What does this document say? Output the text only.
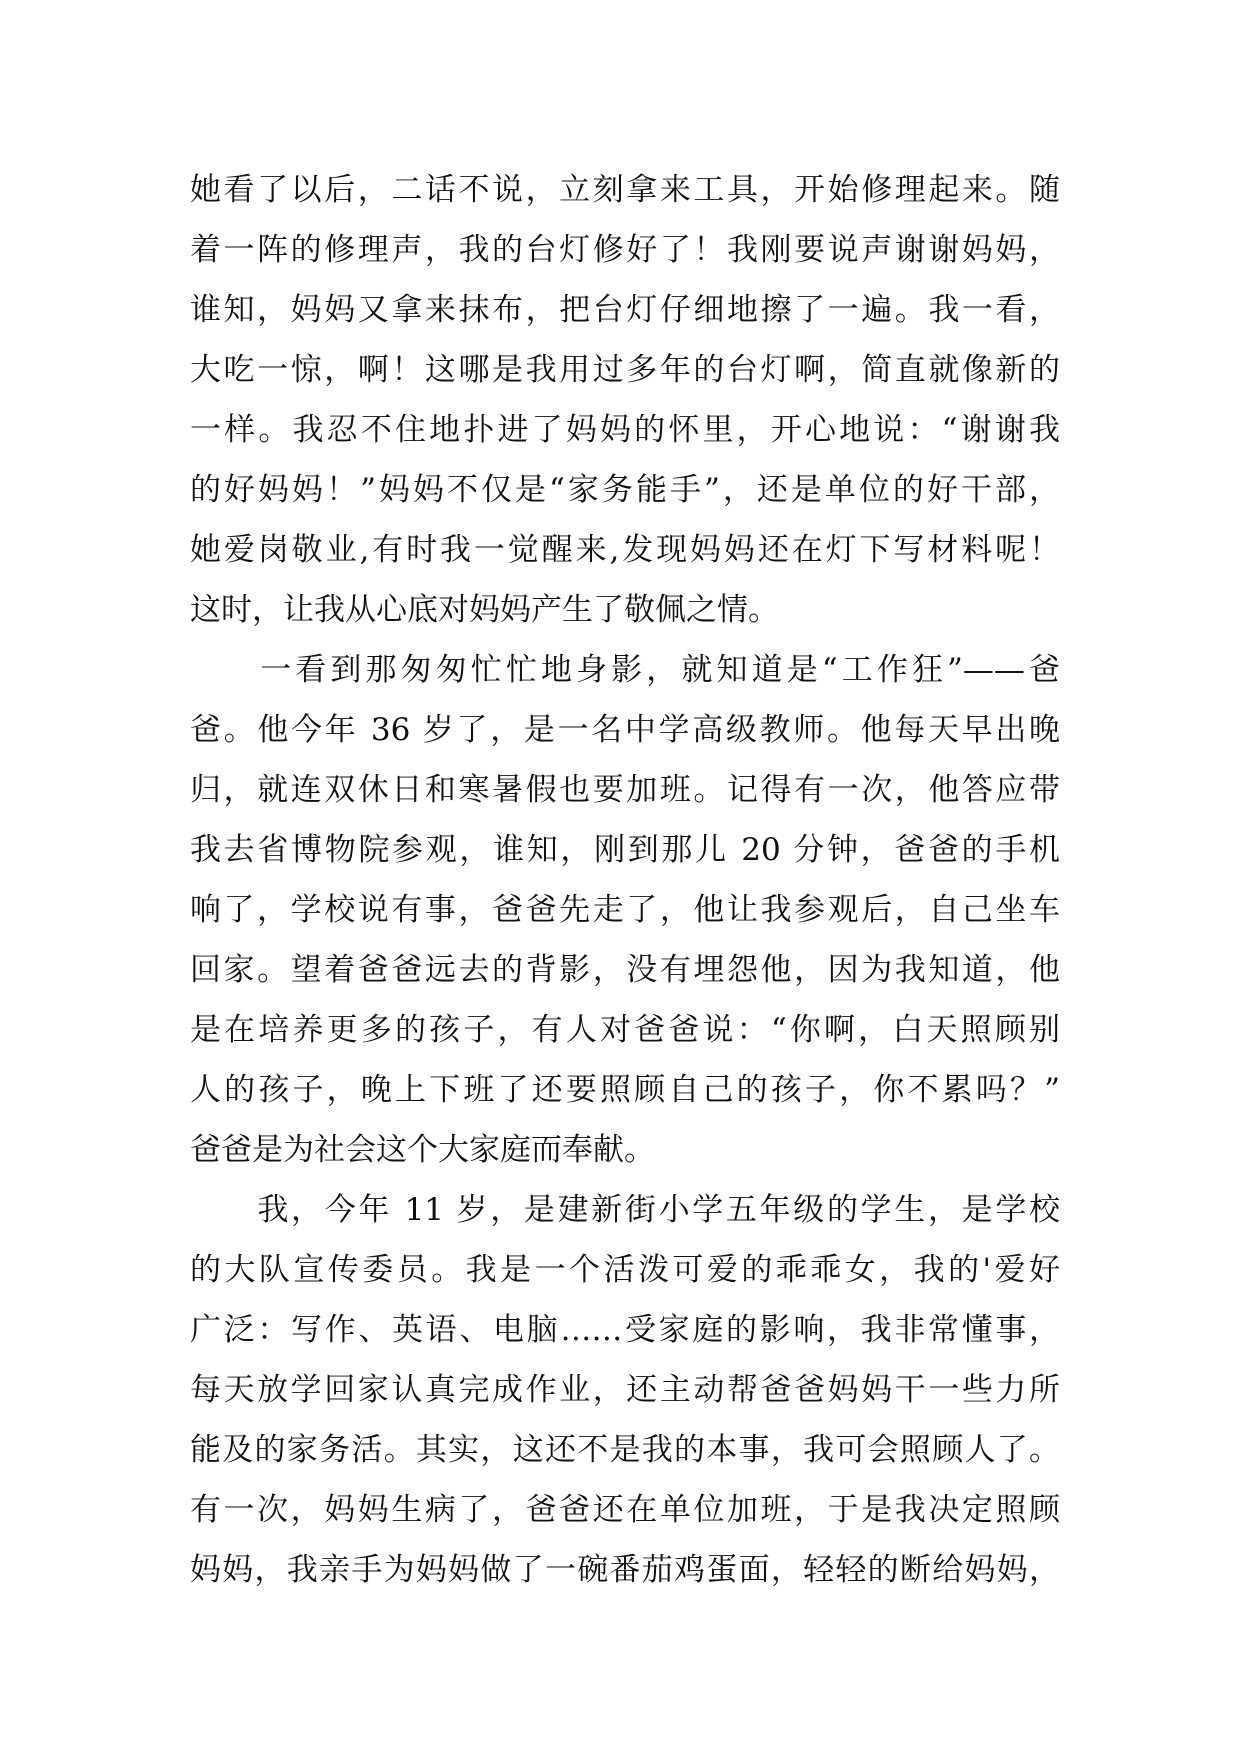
她看了以后，二话不说，立刻拿来工具，开始修理起来。随
着一阵的修理声，我的台灯修好了！我刚要说声谢谢妈妈，
谁知，妈妈又拿来抹布，把台灯仔细地擦了一遍。我一看，
大吃一惊，啊！这哪是我用过多年的台灯啊，简直就像新的
一样。我忍不住地扑进了妈妈的怀里，开心地说：“谢谢我
的好妈妈！”妈妈不仅是“家务能手”，还是单位的好干部，
她爱岗敬业,有时我一觉醒来,发现妈妈还在灯下写材料呢！
这时，让我从心底对妈妈产生了敬佩之情。
　　一看到那匆匆忙忙地身影，就知道是“工作狂”——爸
爸。他今年 36 岁了，是一名中学高级教师。他每天早出晚
归，就连双休日和寒暑假也要加班。记得有一次，他答应带
我去省博物院参观，谁知，刚到那儿 20 分钟，爸爸的手机
响了，学校说有事，爸爸先走了，他让我参观后，自己坐车
回家。望着爸爸远去的背影，没有埋怨他，因为我知道，他
是在培养更多的孩子，有人对爸爸说：“你啊，白天照顾别
人的孩子，晚上下班了还要照顾自己的孩子，你不累吗？”
爸爸是为社会这个大家庭而奉献。
　　我，今年 11 岁，是建新街小学五年级的学生，是学校
的大队宣传委员。我是一个活泼可爱的乖乖女，我的'爱好
广泛：写作、英语、电脑……受家庭的影响，我非常懂事，
每天放学回家认真完成作业，还主动帮爸爸妈妈干一些力所
能及的家务活。其实，这还不是我的本事，我可会照顾人了。
有一次，妈妈生病了，爸爸还在单位加班，于是我决定照顾
妈妈，我亲手为妈妈做了一碗番茄鸡蛋面，轻轻的断给妈妈，
